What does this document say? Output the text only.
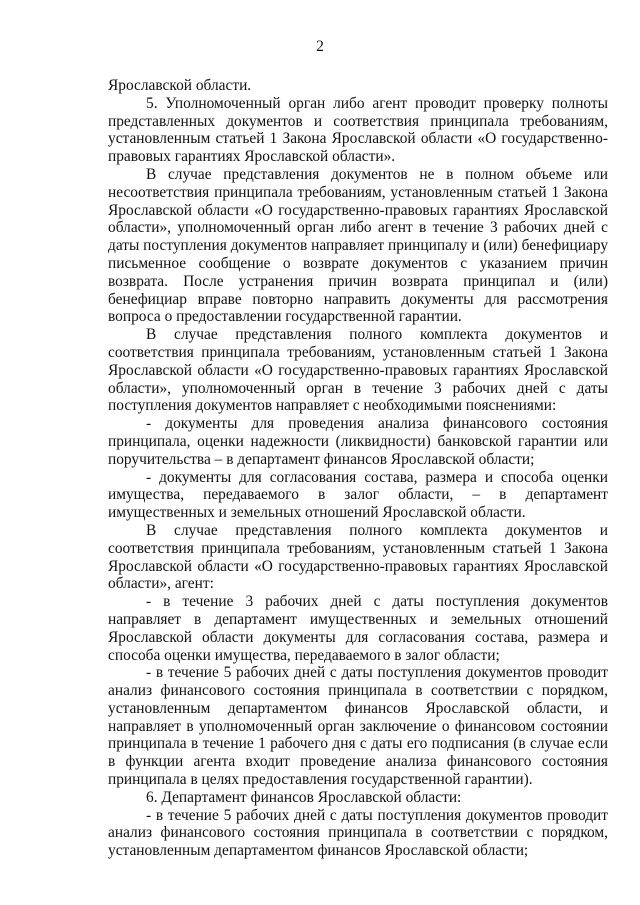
2

Ярославской области.

5. Уполномоченный орган либо агент проводит проверку полноты представленных документов и соответствия принципала требованиям, установленным статьей 1 Закона Ярославской области «О государственно-правовых гарантиях Ярославской области».

В случае представления документов не в полном объеме или несоответствия принципала требованиям, установленным статьей 1 Закона Ярославской области «О государственно-правовых гарантиях Ярославской области», уполномоченный орган либо агент в течение 3 рабочих дней с даты поступления документов направляет принципалу и (или) бенефициару письменное сообщение о возврате документов с указанием причин возврата. После устранения причин возврата принципал и (или) бенефициар вправе повторно направить документы для рассмотрения вопроса о предоставлении государственной гарантии.

В случае представления полного комплекта документов и соответствия принципала требованиям, установленным статьей 1 Закона Ярославской области «О государственно-правовых гарантиях Ярославской области», уполномоченный орган в течение 3 рабочих дней с даты поступления документов направляет с необходимыми пояснениями:

- документы для проведения анализа финансового состояния принципала, оценки надежности (ликвидности) банковской гарантии или поручительства – в департамент финансов Ярославской области;

- документы для согласования состава, размера и способа оценки имущества, передаваемого в залог области, – в департамент имущественных и земельных отношений Ярославской области.

В случае представления полного комплекта документов и соответствия принципала требованиям, установленным статьей 1 Закона Ярославской области «О государственно-правовых гарантиях Ярославской области», агент:

- в течение 3 рабочих дней с даты поступления документов направляет в департамент имущественных и земельных отношений Ярославской области документы для согласования состава, размера и способа оценки имущества, передаваемого в залог области;

- в течение 5 рабочих дней с даты поступления документов проводит анализ финансового состояния принципала в соответствии с порядком, установленным департаментом финансов Ярославской области, и направляет в уполномоченный орган заключение о финансовом состоянии принципала в течение 1 рабочего дня с даты его подписания (в случае если в функции агента входит проведение анализа финансового состояния принципала в целях предоставления государственной гарантии).

6. Департамент финансов Ярославской области:

- в течение 5 рабочих дней с даты поступления документов проводит анализ финансового состояния принципала в соответствии с порядком, установленным департаментом финансов Ярославской области;
